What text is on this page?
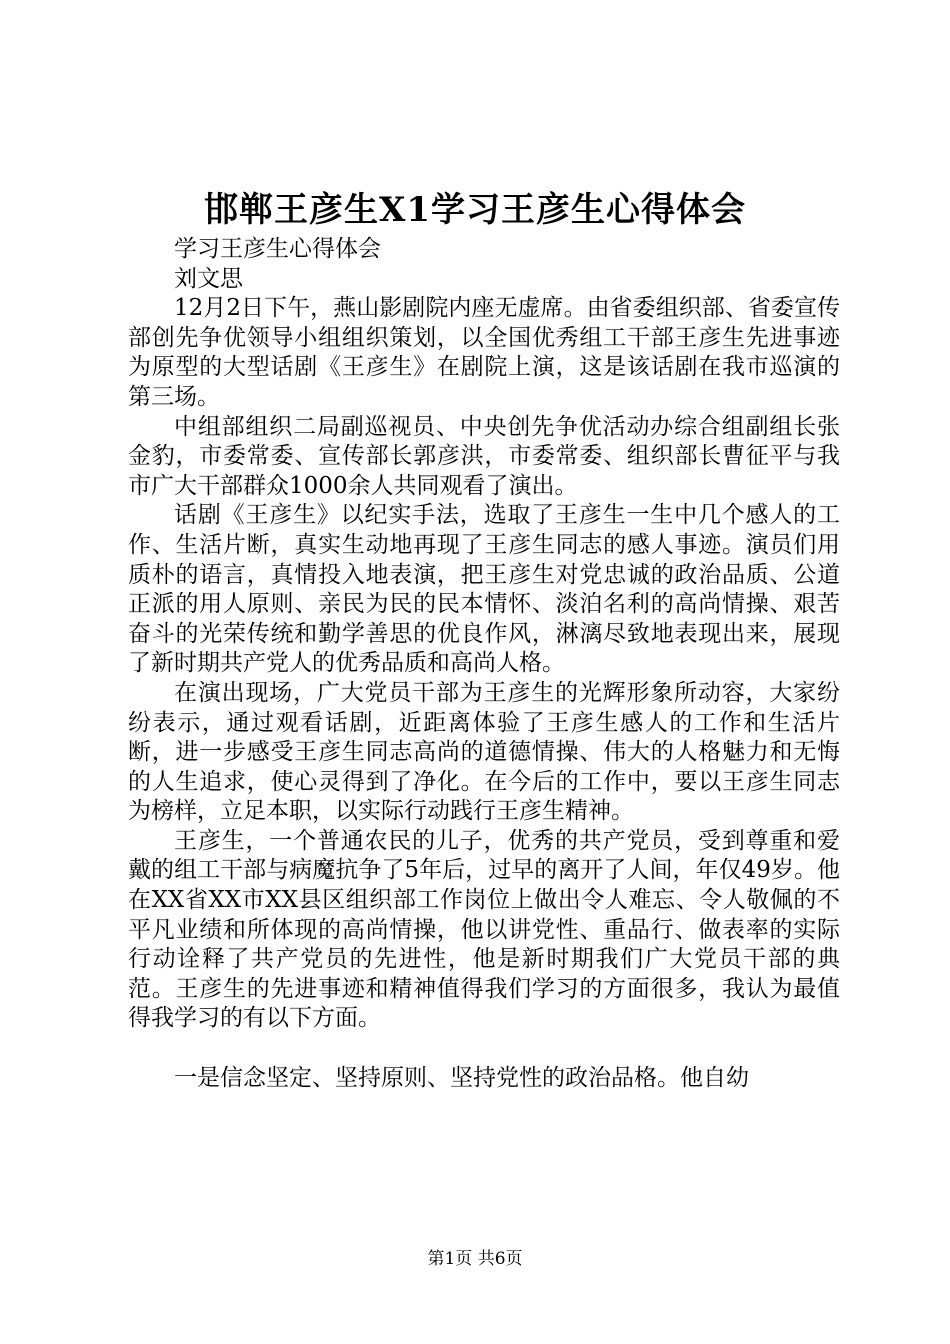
邯郸王彦生X1学习王彦生心得体会

学习王彦生心得体会

刘文思

12月2日下午，燕山影剧院内座无虚席。由省委组织部、省委宣传部创先争优领导小组组织策划，以全国优秀组工干部王彦生先进事迹为原型的大型话剧《王彦生》在剧院上演，这是该话剧在我市巡演的第三场。

中组部组织二局副巡视员、中央创先争优活动办综合组副组长张金豹，市委常委、宣传部长郭彦洪，市委常委、组织部长曹征平与我市广大干部群众1000余人共同观看了演出。

话剧《王彦生》以纪实手法，选取了王彦生一生中几个感人的工作、生活片断，真实生动地再现了王彦生同志的感人事迹。演员们用质朴的语言，真情投入地表演，把王彦生对党忠诚的政治品质、公道正派的用人原则、亲民为民的民本情怀、淡泊名利的高尚情操、艰苦奋斗的光荣传统和勤学善思的优良作风，淋漓尽致地表现出来，展现了新时期共产党人的优秀品质和高尚人格。

在演出现场，广大党员干部为王彦生的光辉形象所动容，大家纷纷表示，通过观看话剧，近距离体验了王彦生感人的工作和生活片断，进一步感受王彦生同志高尚的道德情操、伟大的人格魅力和无悔的人生追求，使心灵得到了净化。在今后的工作中，要以王彦生同志为榜样，立足本职，以实际行动践行王彦生精神。

王彦生，一个普通农民的儿子，优秀的共产党员，受到尊重和爱戴的组工干部与病魔抗争了5年后，过早的离开了人间，年仅49岁。他在XX省XX市XX县区组织部工作岗位上做出令人难忘、令人敬佩的不平凡业绩和所体现的高尚情操，他以讲党性、重品行、做表率的实际行动诠释了共产党员的先进性，他是新时期我们广大党员干部的典范。王彦生的先进事迹和精神值得我们学习的方面很多，我认为最值得我学习的有以下方面。

一是信念坚定、坚持原则、坚持党性的政治品格。他自幼

第1页 共6页
